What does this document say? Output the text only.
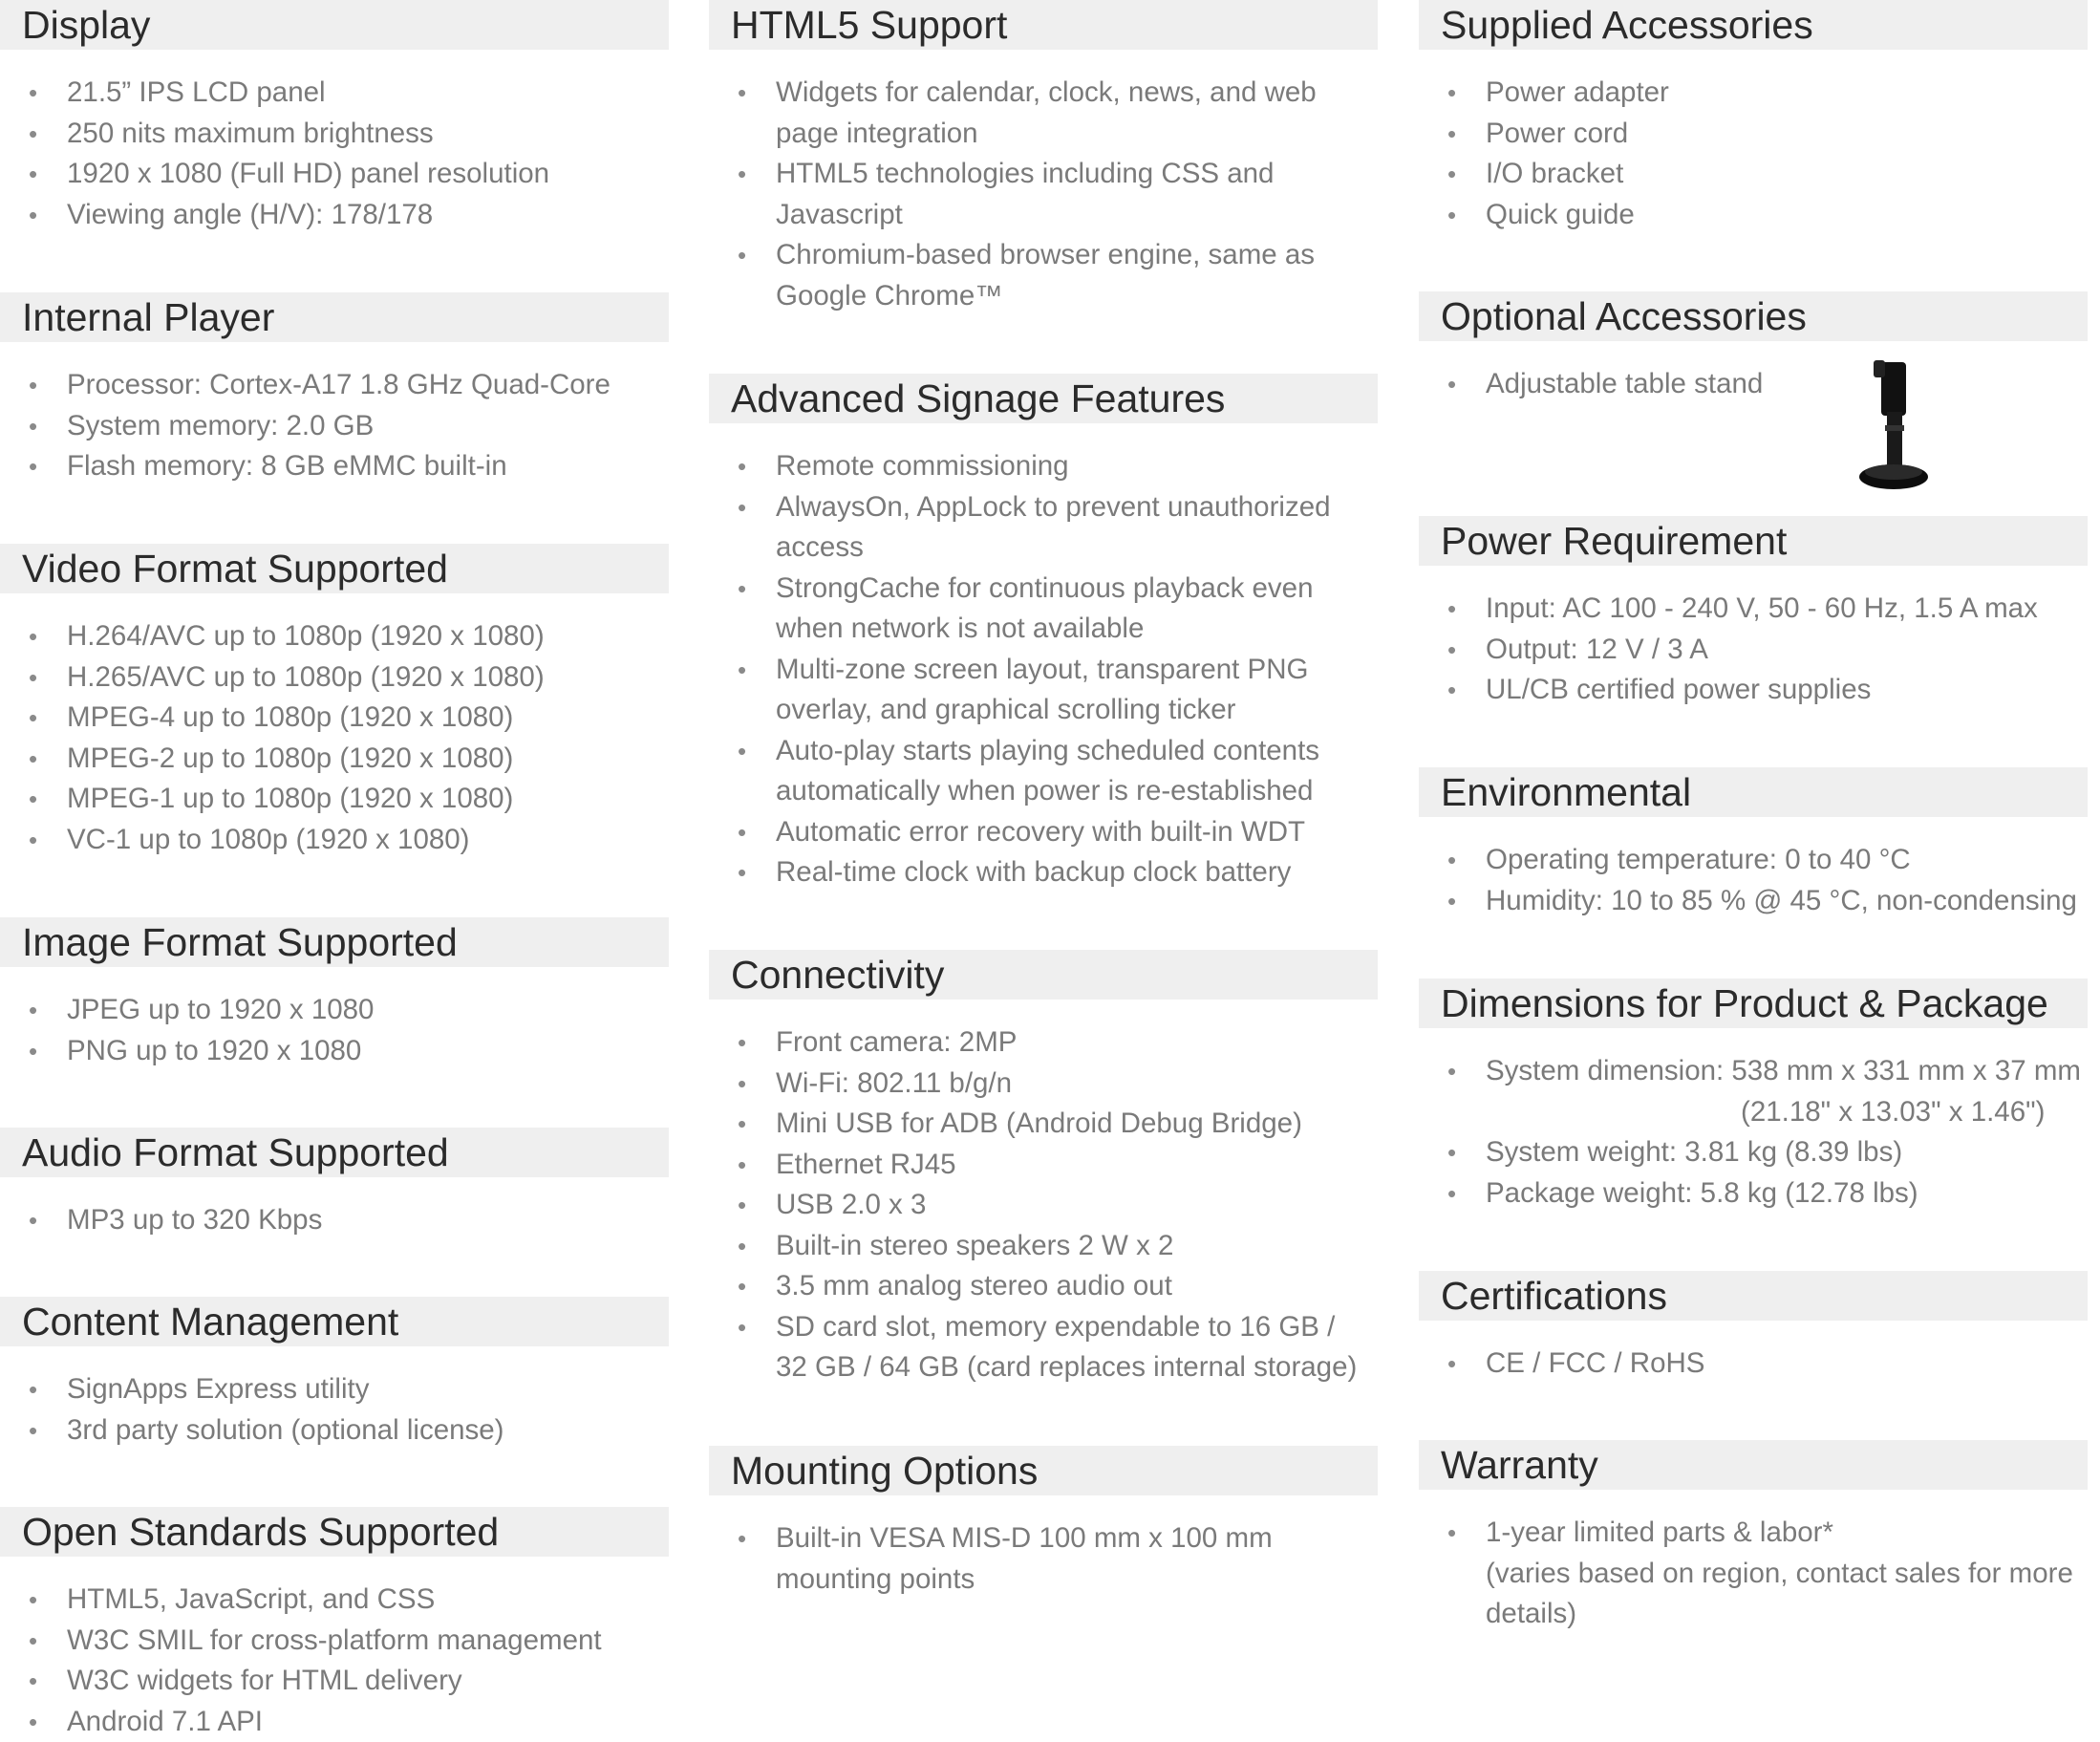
Display
• 21.5” IPS LCD panel
• 250 nits maximum brightness
• 1920 x 1080 (Full HD) panel resolution
• Viewing angle (H/V): 178/178
Internal Player
• Processor: Cortex-A17 1.8 GHz Quad-Core
• System memory: 2.0 GB
• Flash memory: 8 GB eMMC built-in
Video Format Supported
• H.264/AVC up to 1080p (1920 x 1080)
• H.265/AVC up to 1080p (1920 x 1080)
• MPEG-4 up to 1080p (1920 x 1080)
• MPEG-2 up to 1080p (1920 x 1080)
• MPEG-1 up to 1080p (1920 x 1080)
• VC-1 up to 1080p (1920 x 1080)
Image Format Supported
• JPEG up to 1920 x 1080
• PNG up to 1920 x 1080
Audio Format Supported
• MP3 up to 320 Kbps
Content Management
• SignApps Express utility
• 3rd party solution (optional license)
Open Standards Supported
• HTML5, JavaScript, and CSS
• W3C SMIL for cross-platform management
• W3C widgets for HTML delivery
• Android 7.1 API
HTML5 Support
• Widgets for calendar, clock, news, and web
page integration
• HTML5 technologies including CSS and
Javascript
• Chromium-based browser engine, same as
Google Chrome™
Advanced Signage Features
• Remote commissioning
• AlwaysOn, AppLock to prevent unauthorized
access
• StrongCache for continuous playback even
when network is not available
• Multi-zone screen layout, transparent PNG
overlay, and graphical scrolling ticker
• Auto-play starts playing scheduled contents
automatically when power is re-established
• Automatic error recovery with built-in WDT
• Real-time clock with backup clock battery
Connectivity
• Front camera: 2MP
• Wi-Fi: 802.11 b/g/n
• Mini USB for ADB (Android Debug Bridge)
• Ethernet RJ45
• USB 2.0 x 3
• Built-in stereo speakers 2 W x 2
• 3.5 mm analog stereo audio out
• SD card slot, memory expendable to 16 GB /
32 GB / 64 GB (card replaces internal storage)
Mounting Options
• Built-in VESA MIS-D 100 mm x 100 mm
mounting points
Supplied Accessories
• Power adapter
• Power cord
• I/O bracket
• Quick guide
Optional Accessories
• Adjustable table stand
Power Requirement
• Input: AC 100 - 240 V, 50 - 60 Hz, 1.5 A max
• Output: 12 V / 3 A
• UL/CB certified power supplies
Environmental
• Operating temperature: 0 to 40 °C
• Humidity: 10 to 85 % @ 45 °C, non-condensing
Dimensions for Product & Package
• System dimension: 538 mm x 331 mm x 37 mm
(21.18" x 13.03" x 1.46")
• System weight: 3.81 kg (8.39 lbs)
• Package weight: 5.8 kg (12.78 lbs)
Certifications
• CE / FCC / RoHS
Warranty
• 1-year limited parts & labor*
(varies based on region, contact sales for more
details)
